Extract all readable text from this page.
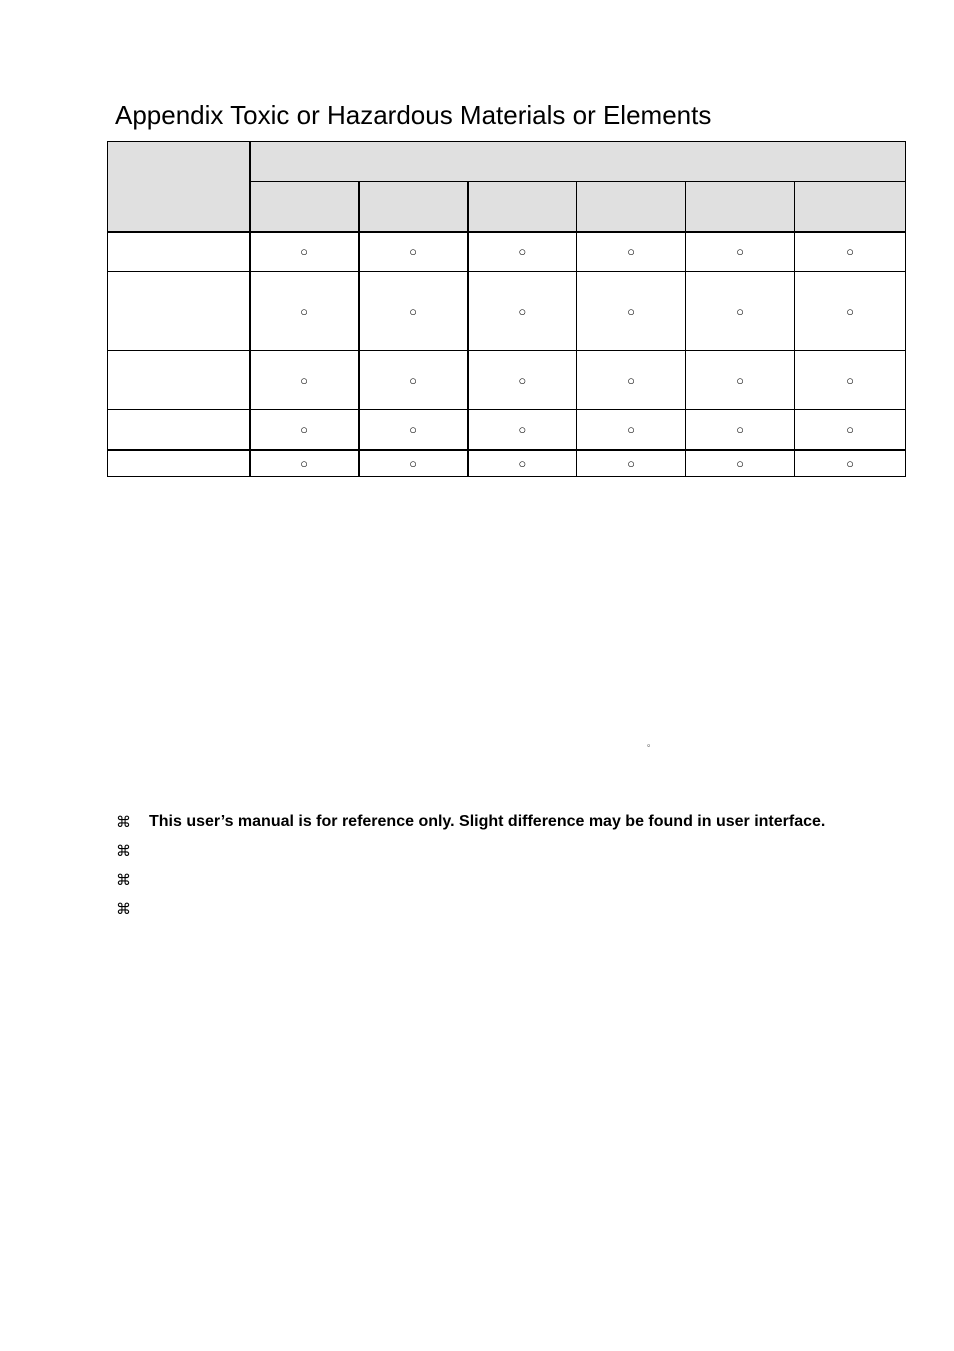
Appendix Toxic or Hazardous Materials or Elements

	○	○	○	○	○	○
	○	○	○	○	○	○
	○	○	○	○	○	○
	○	○	○	○	○	○
	○	○	○	○	○	○
。
⌘	This user’s manual is for reference only. Slight difference may be found in user interface.
⌘
⌘
⌘
